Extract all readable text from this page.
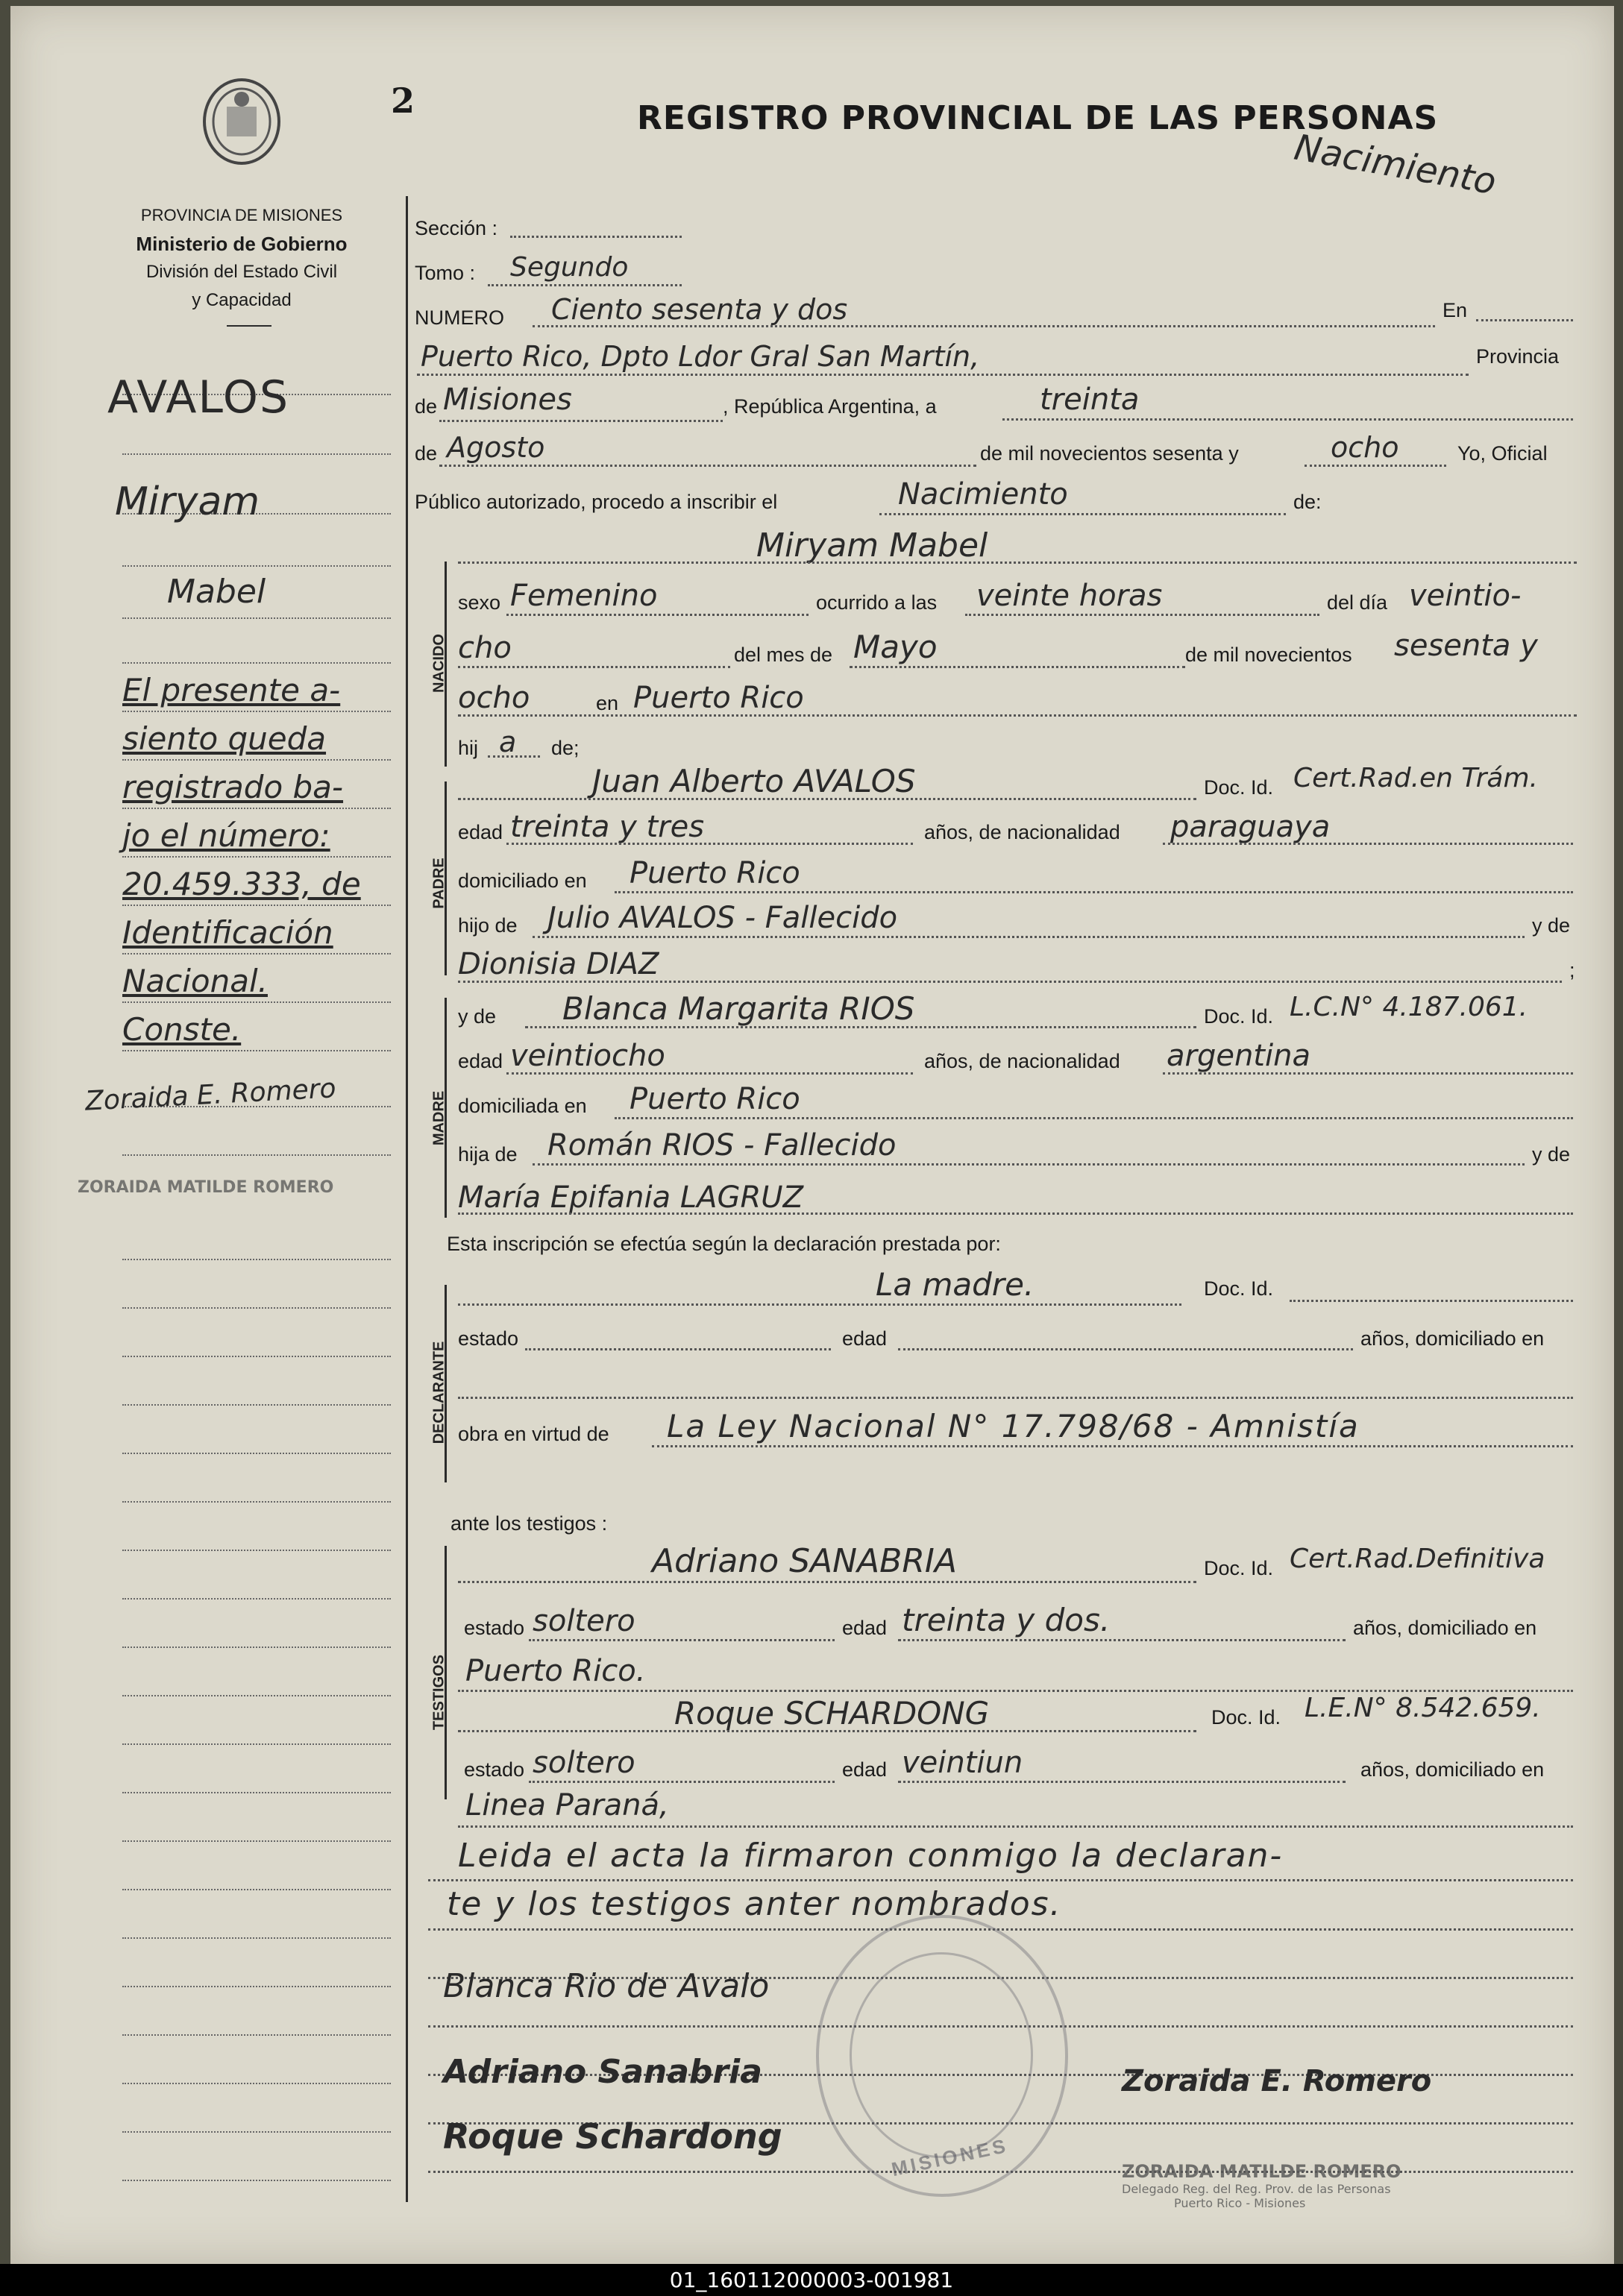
2	REGISTRO PROVINCIAL DE LAS PERSONAS
Nacimiento
PROVINCIA DE MISIONES
Ministerio de Gobierno
División del Estado Civil
y Capacidad
AVALOS
Miryam
Mabel
El presente a-
siento queda
registrado ba-
jo el número:
20.459.333, de
Identificación
Nacional.
Conste.
Zoraida E. Romero
ZORAIDA MATILDE ROMERO
NACIDO
PADRE
MADRE
DECLARANTE
TESTIGOS
Sección :
Tomo : Segundo
NUMERO Ciento sesenta y dos	En
Puerto Rico, Dpto Ldor Gral San Martín,	Provincia
de Misiones	, República Argentina, a	treinta
de Agosto	de mil novecientos sesenta y	ocho	Yo, Oficial
Público autorizado, procedo a inscribir el	Nacimiento	de:
Miryam Mabel
sexo Femenino	ocurrido a las veinte horas	del día veintio-
cho	del mes de Mayo	de mil novecientos sesenta y
ocho	en Puerto Rico
hij a de;
Juan Alberto AVALOS	Doc. Id. Cert.Rad.en Trám.
edad treinta y tres	años, de nacionalidad paraguaya
domiciliado en Puerto Rico
hijo de Julio AVALOS - Fallecido	y de
Dionisia DIAZ	;
y de Blanca Margarita RIOS	Doc. Id. L.C.N° 4.187.061.
edad veintiocho	años, de nacionalidad argentina
domiciliada en Puerto Rico
hija de Román RIOS - Fallecido	y de
María Epifania LAGRUZ
Esta inscripción se efectúa según la declaración prestada por:
La madre.	Doc. Id.
estado	edad	años, domiciliado en
obra en virtud de La Ley Nacional N° 17.798/68 - Amnistía
ante los testigos :
Adriano SANABRIA	Doc. Id. Cert.Rad.Definitiva
estado soltero	edad treinta y dos.	años, domiciliado en
Puerto Rico.
Roque SCHARDONG	Doc. Id. L.E.N° 8.542.659.
estado soltero	edad veintiun	años, domiciliado en
Linea Paraná,
Leida el acta la firmaron conmigo la declaran-
te y los testigos anter nombrados.
MISIONES
Blanca Rio de Avalo
Adriano Sanabria	Zoraida E. Romero
Roque Schardong
ZORAIDA MATILDE ROMERO
Delegado Reg. del Reg. Prov. de las Personas
Puerto Rico - Misiones
01_160112000003-001981
